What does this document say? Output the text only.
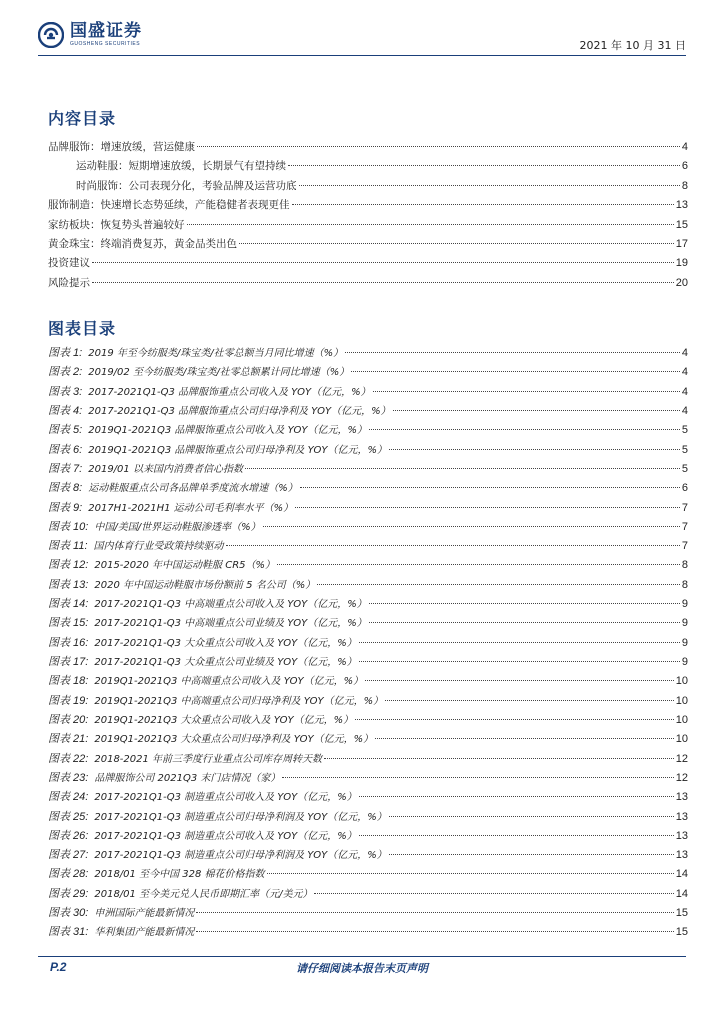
国盛证券
GUOSHENG SECURITIES	2021 年 10 月 31 日
内容目录
品牌服饰：增速放缓，营运健康	4
运动鞋服：短期增速放缓，长期景气有望持续	6
时尚服饰：公司表现分化，考验品牌及运营功底	8
服饰制造：快速增长态势延续，产能稳健者表现更佳	13
家纺板块：恢复势头普遍较好	15
黄金珠宝：终端消费复苏，黄金品类出色	17
投资建议	19
风险提示	20
图表目录
图表 1: 2019 年至今纺服类/珠宝类/社零总额当月同比增速（%）	4
图表 2: 2019/02 至今纺服类/珠宝类/社零总额累计同比增速（%）	4
图表 3: 2017-2021Q1-Q3 品牌服饰重点公司收入及 YOY（亿元，%）	4
图表 4: 2017-2021Q1-Q3 品牌服饰重点公司归母净利及 YOY（亿元，%）	4
图表 5: 2019Q1-2021Q3 品牌服饰重点公司收入及 YOY（亿元，%）	5
图表 6: 2019Q1-2021Q3 品牌服饰重点公司归母净利及 YOY（亿元，%）	5
图表 7: 2019/01 以来国内消费者信心指数	5
图表 8: 运动鞋服重点公司各品牌单季度流水增速（%）	6
图表 9: 2017H1-2021H1 运动公司毛利率水平（%）	7
图表 10: 中国/美国/世界运动鞋服渗透率（%）	7
图表 11: 国内体育行业受政策持续驱动	7
图表 12: 2015-2020 年中国运动鞋服 CR5（%）	8
图表 13: 2020 年中国运动鞋服市场份额前 5 名公司（%）	8
图表 14: 2017-2021Q1-Q3 中高端重点公司收入及 YOY（亿元，%）	9
图表 15: 2017-2021Q1-Q3 中高端重点公司业绩及 YOY（亿元，%）	9
图表 16: 2017-2021Q1-Q3 大众重点公司收入及 YOY（亿元，%）	9
图表 17: 2017-2021Q1-Q3 大众重点公司业绩及 YOY（亿元，%）	9
图表 18: 2019Q1-2021Q3 中高端重点公司收入及 YOY（亿元，%）	10
图表 19: 2019Q1-2021Q3 中高端重点公司归母净利及 YOY（亿元，%）	10
图表 20: 2019Q1-2021Q3 大众重点公司收入及 YOY（亿元，%）	10
图表 21: 2019Q1-2021Q3 大众重点公司归母净利及 YOY（亿元，%）	10
图表 22: 2018-2021 年前三季度行业重点公司库存周转天数	12
图表 23: 品牌服饰公司 2021Q3 末门店情况（家）	12
图表 24: 2017-2021Q1-Q3 制造重点公司收入及 YOY（亿元，%）	13
图表 25: 2017-2021Q1-Q3 制造重点公司归母净利润及 YOY（亿元，%）	13
图表 26: 2017-2021Q1-Q3 制造重点公司收入及 YOY（亿元，%）	13
图表 27: 2017-2021Q1-Q3 制造重点公司归母净利润及 YOY（亿元，%）	13
图表 28: 2018/01 至今中国 328 棉花价格指数	14
图表 29: 2018/01 至今美元兑人民币即期汇率（元/美元）	14
图表 30: 申洲国际产能最新情况	15
图表 31: 华利集团产能最新情况	15
P.2	请仔细阅读本报告末页声明
